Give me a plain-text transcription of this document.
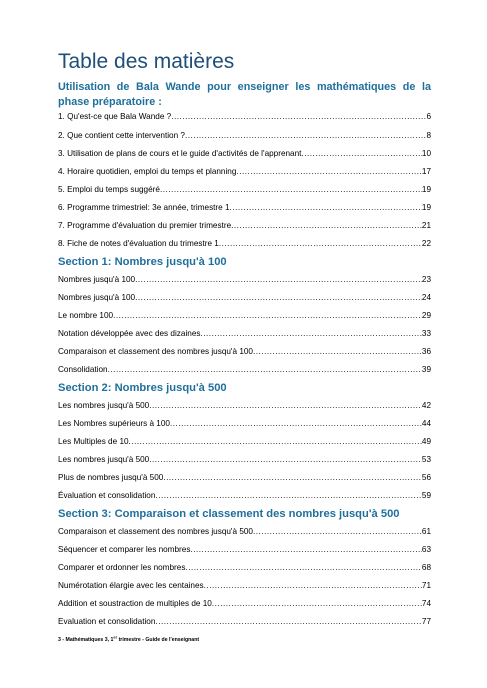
Table des matières
Utilisation de Bala Wande pour enseigner les mathématiques de la phase préparatoire :
1. Qu'est-ce que Bala Wande ? .....	6
2. Que contient cette intervention ? .....	8
3. Utilisation de plans de cours et le guide d'activités de l'apprenant .....	10
4. Horaire quotidien, emploi du temps et planning .....	17
5. Emploi du temps suggéré .....	19
6. Programme trimestriel: 3e année, trimestre 1 .....	19
7. Programme d'évaluation du premier trimestre .....	21
8. Fiche de notes d'évaluation du trimestre 1 .....	22
Section 1: Nombres jusqu'à 100
Nombres jusqu'à 100 .....	23
Nombres jusqu'à 100 .....	24
Le nombre 100 .....	29
Notation développée avec des dizaines .....	33
Comparaison et classement des nombres jusqu'à 100 .....	36
Consolidation .....	39
Section 2: Nombres jusqu'à 500
Les nombres jusqu'à 500 .....	42
Les Nombres supérieurs à 100 .....	44
Les Multiples de 10 .....	49
Les nombres jusqu'à 500 .....	53
Plus de nombres jusqu'à 500 .....	56
Évaluation et consolidation .....	59
Section 3: Comparaison et classement des nombres jusqu'à 500
Comparaison et classement des nombres jusqu'à 500 .....	61
Séquencer et comparer les nombres .....	63
Comparer et ordonner les nombres .....	68
Numérotation élargie avec les centaines .....	71
Addition et soustraction de multiples de 10 .....	74
Evaluation et consolidation .....	77
3 - Mathématiques 3, 1er trimestre - Guide de l'enseignant
